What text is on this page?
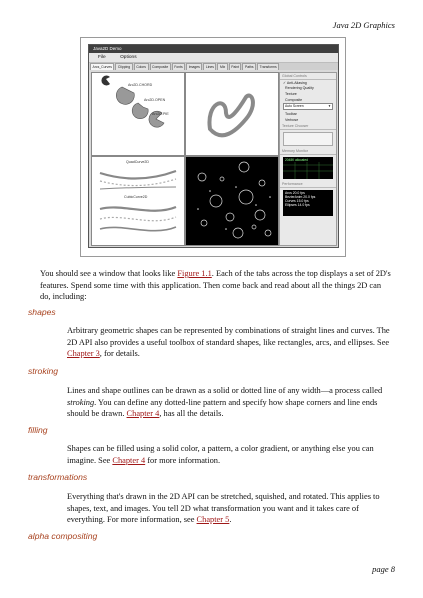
Java 2D Graphics
Java2D Demo
File	Options
Arcs_Curves	Clipping	Colors	Composite	Fonts	Images	Lines	Mix	Paint	Paths	Transforms
Arc2D.CHORD
Arc2D.OPEN
Arc2D.PIE
QuadCurve2D
CubicCurve2D
Global Controls
✓ Anti-Aliasing
Rendering Quality
Texture
Composite
Auto Screen ▼
Toolbar
Verbose
Texture Chooser
Memory Monitor
2048K allocated
Performance
Arcs 20.0 fps
BezierAnim 20.0 fps
Curves 15.0 fps
Ellipses 14.0 fps

You should see a window that looks like Figure 1.1. Each of the tabs across the top displays a set of 2D's features. Spend some time with this application. Then come back and read about all the things 2D can do, including:

shapes

Arbitrary geometric shapes can be represented by combinations of straight lines and curves. The 2D API also provides a useful toolbox of standard shapes, like rectangles, arcs, and ellipses. See Chapter 3, for details.

stroking

Lines and shape outlines can be drawn as a solid or dotted line of any width—a process called stroking. You can define any dotted-line pattern and specify how shape corners and line ends should be drawn. Chapter 4, has all the details.

filling

Shapes can be filled using a solid color, a pattern, a color gradient, or anything else you can imagine. See Chapter 4 for more information.

transformations

Everything that's drawn in the 2D API can be stretched, squished, and rotated. This applies to shapes, text, and images. You tell 2D what transformation you want and it takes care of everything. For more information, see Chapter 5.

alpha compositing

page 8
